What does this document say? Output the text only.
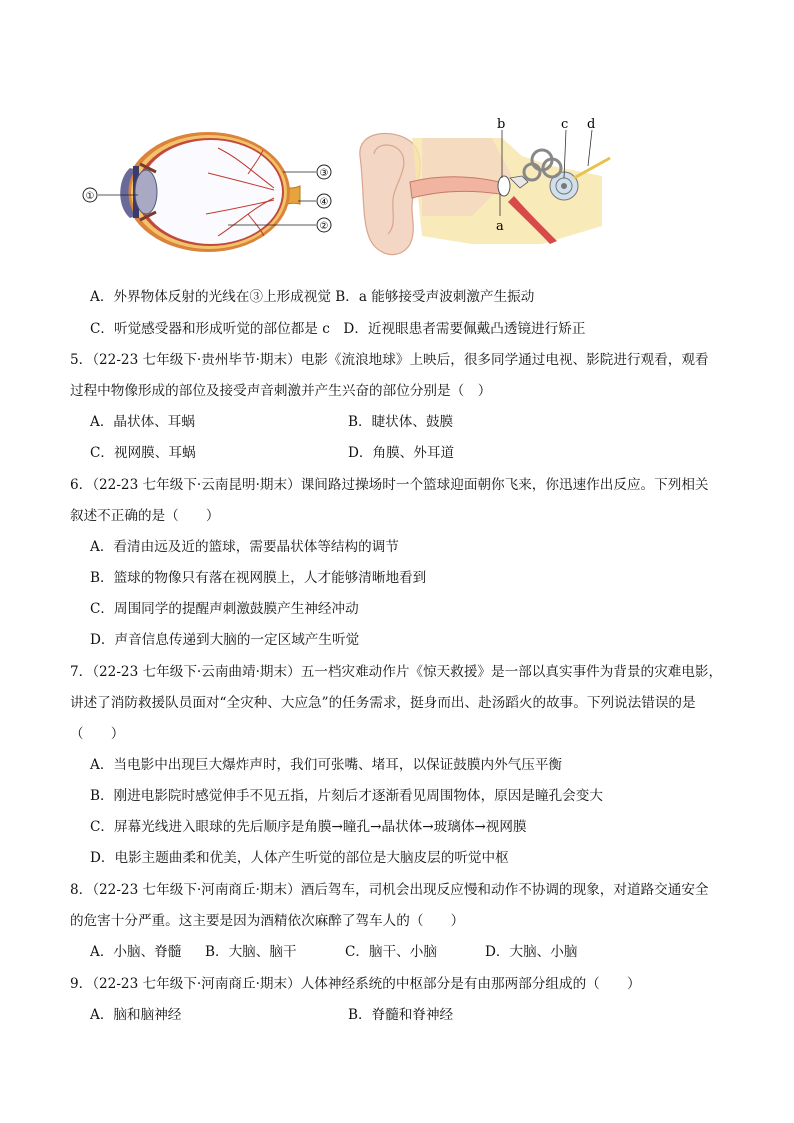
①
③
④
②
b	c d
a
A．外界物体反射的光线在③上形成视觉 B．a 能够接受声波刺激产生振动
C．听觉感受器和形成听觉的部位都是 c　D．近视眼患者需要佩戴凸透镜进行矫正
5．（22-23 七年级下·贵州毕节·期末）电影《流浪地球》上映后，很多同学通过电视、影院进行观看，观看
过程中物像形成的部位及接受声音刺激并产生兴奋的部位分别是（　）
A．晶状体、耳蜗	B．睫状体、鼓膜
C．视网膜、耳蜗	D．角膜、外耳道
6．（22-23 七年级下·云南昆明·期末）课间路过操场时一个篮球迎面朝你飞来，你迅速作出反应。下列相关
叙述不正确的是（　　）
A．看清由远及近的篮球，需要晶状体等结构的调节
B．篮球的物像只有落在视网膜上，人才能够清晰地看到
C．周围同学的提醒声刺激鼓膜产生神经冲动
D．声音信息传递到大脑的一定区域产生听觉
7．（22-23 七年级下·云南曲靖·期末）五一档灾难动作片《惊天救援》是一部以真实事件为背景的灾难电影，
讲述了消防救援队员面对“全灾种、大应急”的任务需求，挺身而出、赴汤蹈火的故事。下列说法错误的是
（　　）
A．当电影中出现巨大爆炸声时，我们可张嘴、堵耳，以保证鼓膜内外气压平衡
B．刚进电影院时感觉伸手不见五指，片刻后才逐渐看见周围物体，原因是瞳孔会变大
C．屏幕光线进入眼球的先后顺序是角膜→瞳孔→晶状体→玻璃体→视网膜
D．电影主题曲柔和优美，人体产生听觉的部位是大脑皮层的听觉中枢
8．（22-23 七年级下·河南商丘·期末）酒后驾车，司机会出现反应慢和动作不协调的现象，对道路交通安全
的危害十分严重。这主要是因为酒精依次麻醉了驾车人的（　　）
A．小脑、脊髓 B．大脑、脑干	C．脑干、小脑	D．大脑、小脑
9．（22-23 七年级下·河南商丘·期末）人体神经系统的中枢部分是有由那两部分组成的（　　）
A．脑和脑神经	B．脊髓和脊神经
